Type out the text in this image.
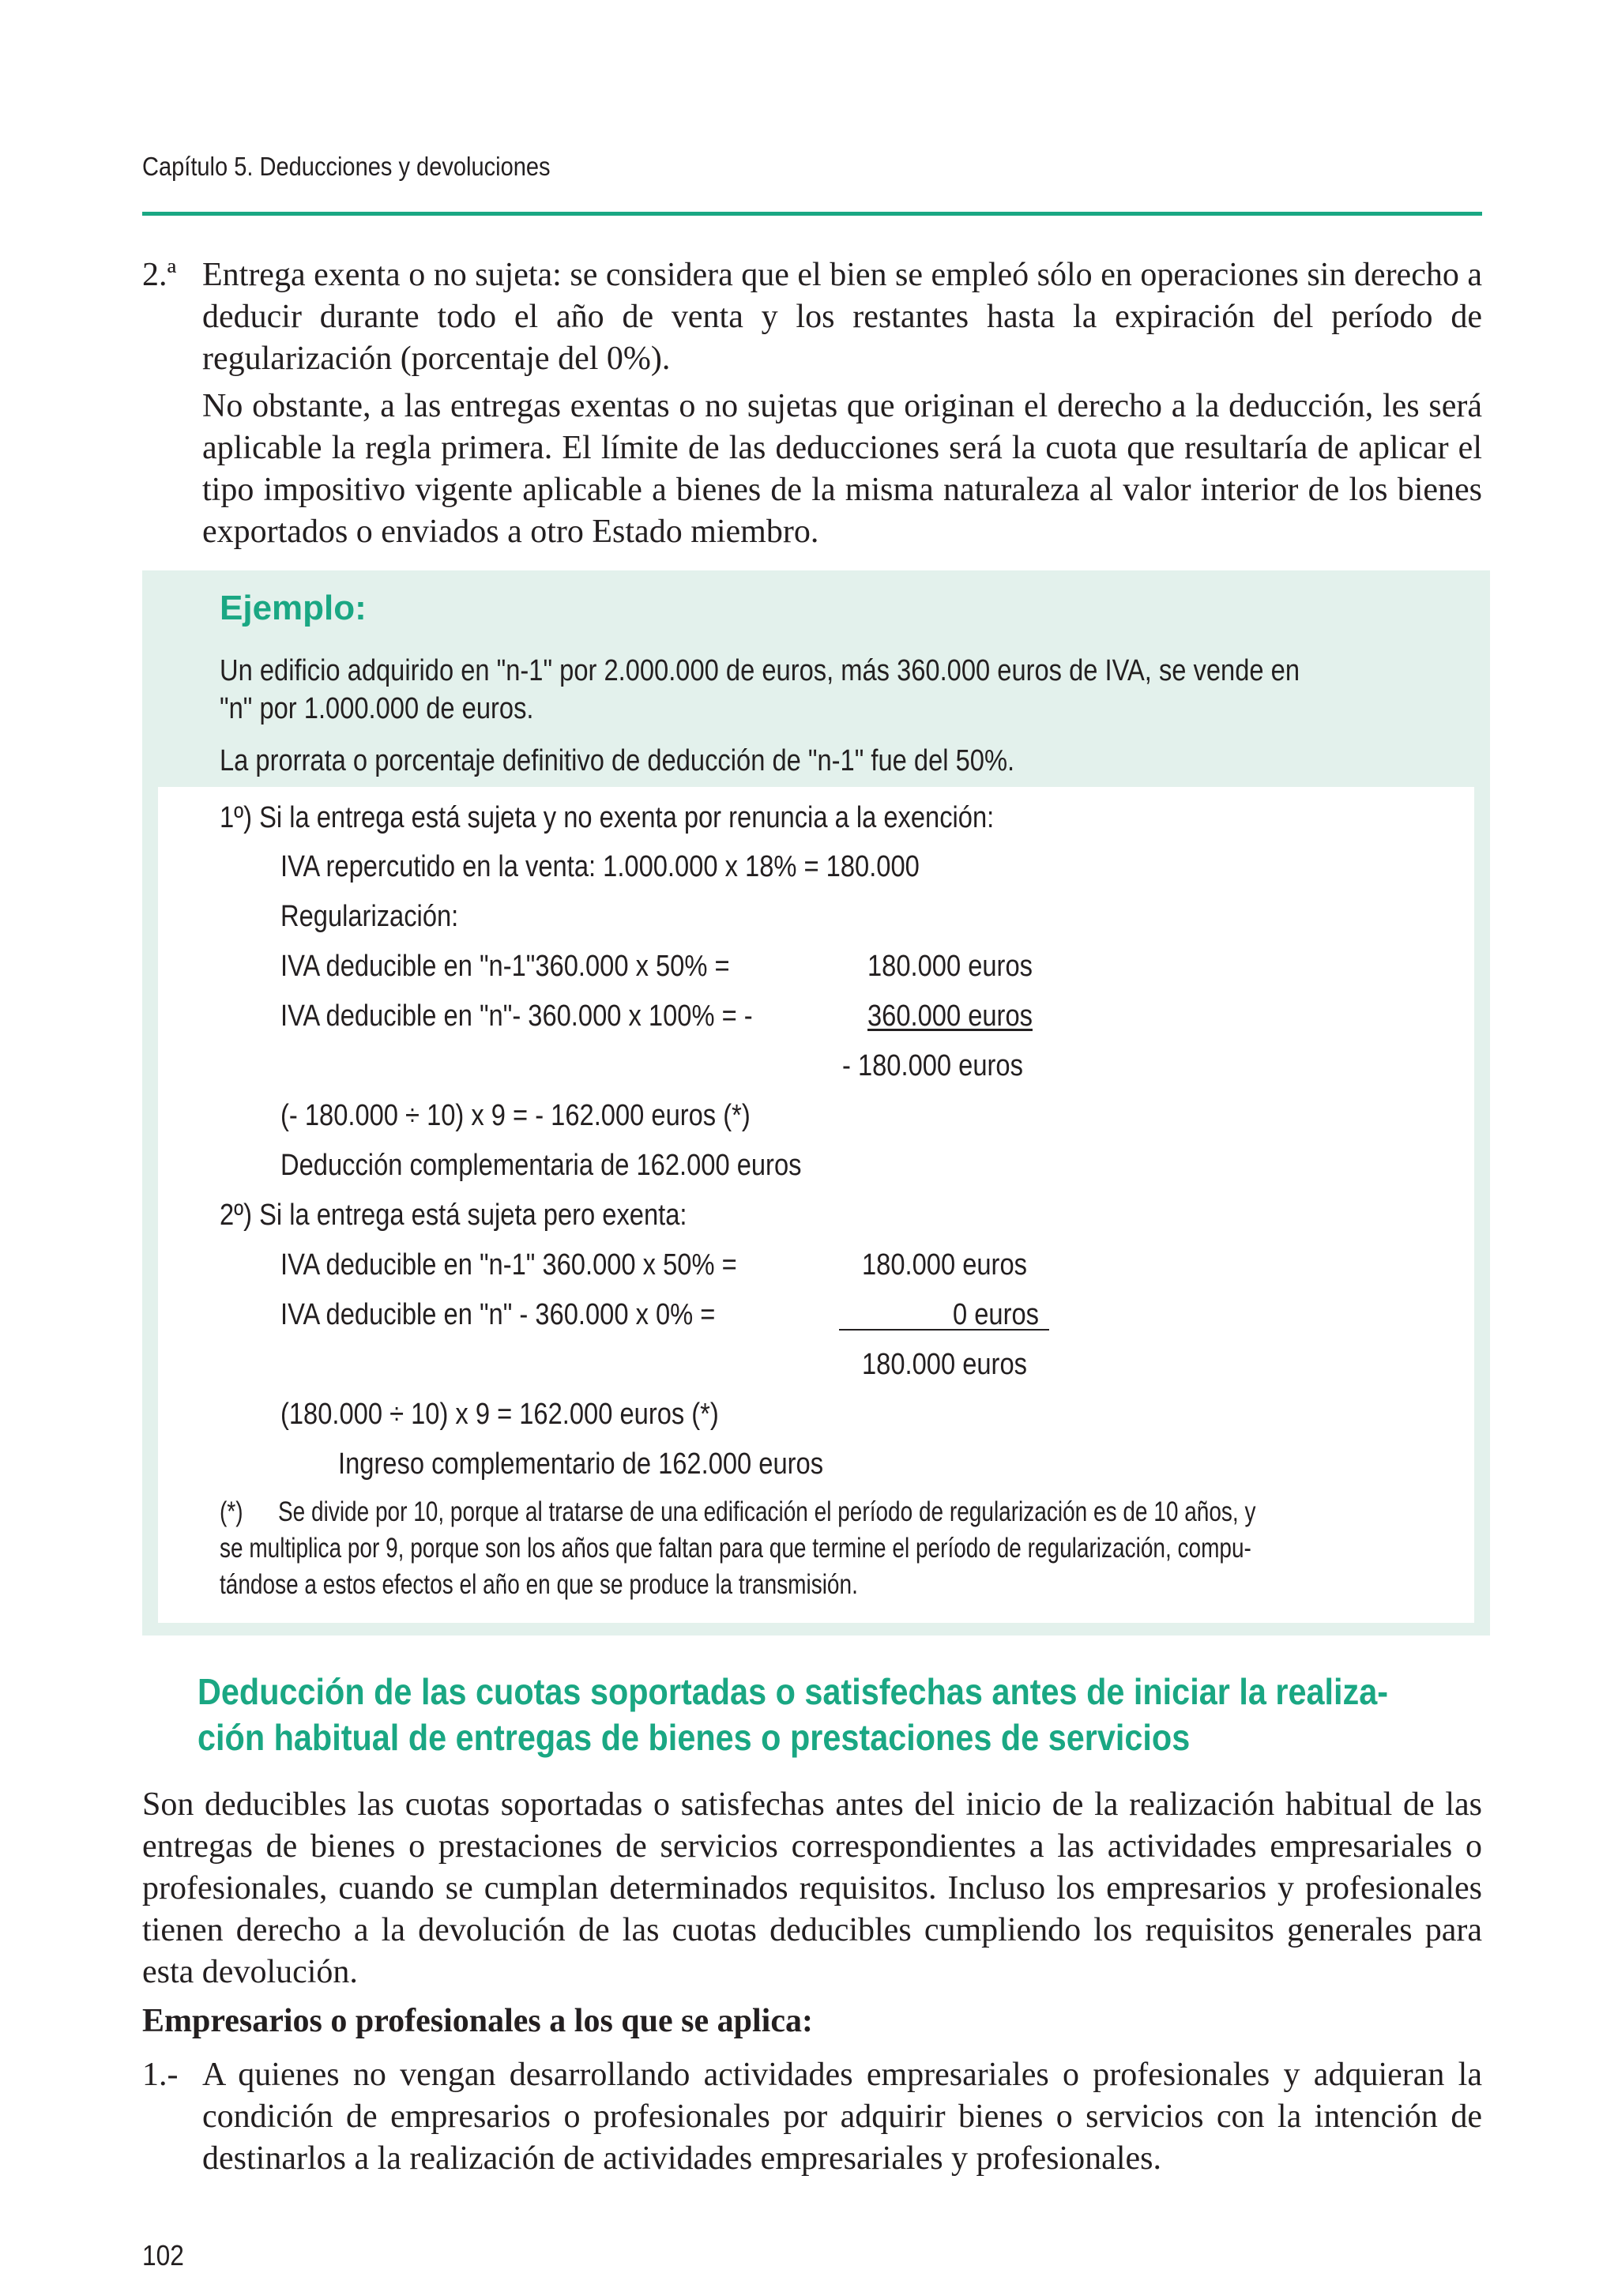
Capítulo 5. Deducciones y devoluciones
2.ª Entrega exenta o no sujeta: se considera que el bien se empleó sólo en operaciones sin derecho a deducir durante todo el año de venta y los restantes hasta la expiración del período de regularización (porcentaje del 0%).

No obstante, a las entregas exentas o no sujetas que originan el derecho a la deducción, les será aplicable la regla primera. El límite de las deducciones será la cuota que resultaría de aplicar el tipo impositivo vigente aplicable a bienes de la misma naturaleza al valor interior de los bienes exportados o enviados a otro Estado miembro.

Ejemplo:
Un edificio adquirido en "n-1" por 2.000.000 de euros, más 360.000 euros de IVA, se vende en
"n" por 1.000.000 de euros.
La prorrata o porcentaje definitivo de deducción de "n-1" fue del 50%.
1º) Si la entrega está sujeta y no exenta por renuncia a la exención:
IVA repercutido en la venta: 1.000.000 x 18% = 180.000
Regularización:
IVA deducible en "n-1"360.000 x 50% =	180.000 euros
IVA deducible en "n"- 360.000 x 100% = -	360.000 euros
- 180.000 euros
(- 180.000 ÷ 10) x 9 = - 162.000 euros (*)
Deducción complementaria de 162.000 euros
2º) Si la entrega está sujeta pero exenta:
IVA deducible en "n-1" 360.000 x 50% =	180.000 euros
IVA deducible en "n" - 360.000 x 0% =	0 euros
180.000 euros
(180.000 ÷ 10) x 9 = 162.000 euros (*)
Ingreso complementario de 162.000 euros
(*) Se divide por 10, porque al tratarse de una edificación el período de regularización es de 10 años, y
se multiplica por 9, porque son los años que faltan para que termine el período de regularización, compu-
tándose a estos efectos el año en que se produce la transmisión.
Deducción de las cuotas soportadas o satisfechas antes de iniciar la realiza-
ción habitual de entregas de bienes o prestaciones de servicios

Son deducibles las cuotas soportadas o satisfechas antes del inicio de la realización habitual de las entregas de bienes o prestaciones de servicios correspondientes a las actividades empresariales o profesionales, cuando se cumplan determinados requisitos. Incluso los empresarios y profesionales tienen derecho a la devolución de las cuotas deducibles cumpliendo los requisitos generales para esta devolución.

Empresarios o profesionales a los que se aplica:
1.- A quienes no vengan desarrollando actividades empresariales o profesionales y adquieran la condición de empresarios o profesionales por adquirir bienes o servicios con la intención de destinarlos a la realización de actividades empresariales y profesionales.

102
